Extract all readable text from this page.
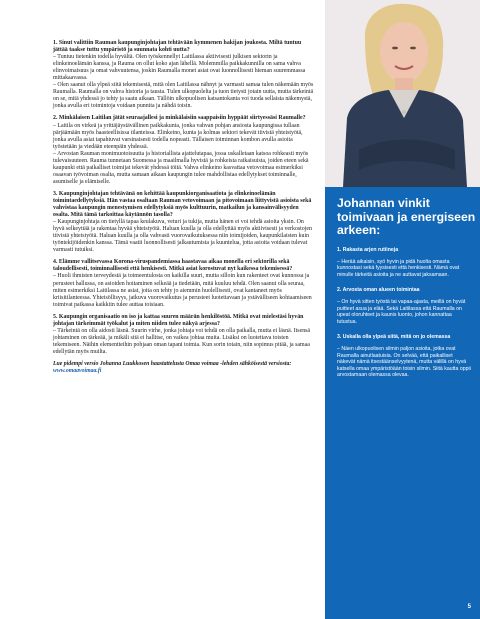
1. Sinut valittiin Rauman kaupunginjohtajan tehtävään kymmenen hakijan joukosta. Miltä tuntuu jättää taakse tuttu ympäristö ja suunnata kohti uutta?

– Tuntuu tietenkin todella hyvältä. Olen työskennellyt Laitilassa aktiivisesti julkisen sektorin ja elinkeinoelämän kanssa, ja Rauma on ollut koko ajan lähellä. Molemmilla paikkakunnilla on sama vahva elinvoimaisuus ja omat vahvuutensa, joskin Raumalla monet asiat ovat luonnollisesti hieman suuremmassa mittakaavassa.

– Olen saanut olla ylpeä siitä tekemisestä, mitä olen Laitilassa nähnyt ja varmasti samaa tulen näkemään myös Raumalla. Raumalla on vahva historia ja tausta. Tulen ulkopuolelta ja tuon tietysti jotain uutta, mutta tärkeintä on se, mitä yhdessä jo tehty ja saatu aikaan. Tällöin ulkopuolisen katsantokanta voi tuoda sellaista näkemystä, jonka avulla eri toimintoja voidaan punnita ja nähdä toisin.

2. Minkälaisen Laitilan jätät seuraajallesi ja minkälaisiin saappaisiin hyppäät siirtyessäsi Raumalle?

– Laitila on virkeä ja yrittäjäystävällinen paikkakunta, jonka vahvan pohjan ansiosta kaupungissa tullaan pärjäämään myös haasteellisissa tilanteissa. Elinkeino, kunta ja kolmas sektori tekevät tiivistä yhteistyötä, jonka avulla asiat tapahtuvat varsinaisesti todella nopeasti. Tällaisen toiminnan kombon avulla asioita työstetään ja viedään eteenpäin yhdessä.

– Arvostan Rauman monimuotoisuutta ja historiallista ajattelutapaa, jossa uskalletaan katsoa rohkeasti myös tulevaisuuteen. Rauma tunnetaan Suomessa ja maailmalla hyvistä ja rohkeista ratkaisuista, joiden eteen sekä kaupunki että paikalliset toimijat tekevät yhdessä töitä. Vahva elinkeino kasvattaa vetovoimaa esimerkiksi osaavan työvoiman osalta, mutta samaan aikaan kaupungin tulee mahdollistaa edellytykset toiminnalle, asumiselle ja elämiselle.

3. Kaupunginjohtajan tehtävänä on kehittää kaupunkiorganisaatiota ja elinkeinoelämän toimintaedellytyksiä. Hän vastaa osaltaan Rauman vetovoimaan ja pitovoimaan liittyvistä asioista sekä vahvistaa kaupungin menestymisen edellytyksiä myös kulttuurin, matkailun ja kansainvälisyyden osalta. Mitä tämä tarkoittaa käytännön tasolla?

– Kaupunginjohtaja on tietyllä tapaa keulakuva, veturi ja tukija, mutta hänen ei voi tehdä asioita yksin. On hyvä selkeyttää ja rakentaa hyvää yhteistyötä. Haluan kuulla ja olla edellyttää myös aktiivisesti ja verkostojen tiivistä yhteistyötä. Haluan kuulla ja olla vahvasti vuorovaikutuksessa niin toimijoiden, kaupunkilaisten kuin työntekijöidenkin kanssa. Tämä vaatii luonnollisesti jalkautumista ja kuuntelua, jotta asioita voidaan tulevat varmasti tutuiksi.

4. Elämme vallitsevassa Korona-viruspandemiassa haastavaa aikaa monella eri sektorilla sekä taloudellisesti, toiminnallisesti että henkisesti. Mitkä asiat korostuvat nyt kaikessa tekemisessä?

– Huoli ihmisten terveydestä ja toimeentulosta on kaikilla suuri, mutta silloin kun rakenteet ovat kunnossa ja perusteet hallussa, on asioiden hoitaminen selkeää ja tiedetään, mitä kuuluu tehdä. Olen saanut olla seuraa, miten esimerkiksi Laitilassa ne asiat, joita on tehty jo aiemmin huolellisesti, ovat kantaneet myös kriisitilanteessa. Yhteisöllisyys, jatkuva vuorovaikutus ja perusteet luotettavaan ja ystävälliseen kohtaamiseen toimivat paikassa kaikkiin tulee auttaa toisiaan.

5. Kaupungin organisaatio on iso ja kattaa suuren määrän henkilöstöä. Mitkä ovat mielestäsi hyvän johtajan tärkeimmät työkalut ja miten niiden tulee näkyä arjessa?

– Tärkeintä on olla aidosti läsnä. Suurin virhe, jonka johtaja voi tehdä on olla paikalla, mutta ei läsnä. Itsensä johtaminen on tärkeää, ja mikäli sitä ei hallitse, on vaikea johtaa muita. Lisäksi on luotettava toisten tekemiseen. Näihin elementteihin pohjaan oman tapani toimia. Kun sorin totain, niin sopimus pitää, ja samaa edellytän myös muilta.

Lue pidempi versio Johanna Luukkosen haastattelusta Omaa voimaa -lehden sähköisestä versiosta: www.omaavoimaa.fi

Johannan vinkit toimivaan ja energiseen arkeen:

1. Rakasta arjen rutiineja

– Herää aikaisin, syö hyvin ja pidä huolta omasta kunnostasi sekä fyysisesti että henkisesti. Nämä ovat minulle tärkeitä asioita ja ne auttavat jaksamaan.

2. Arvosta oman alueen toimintaa

– On hyvä sitten työstä tai vapaa-ajasta, meillä on hyvät puitteet asua ja elää. Sekä Laitilassa että Raumalla on upeat oloruhteet ja kaunis luonto, johon kannattaa tutustua.

3. Uskalla olla ylpeä siitä, mitä on jo olemassa

– Näen ulkopuolisen silmin paljon asioita, jotka ovat Raumalla ainutlaatuisia. On selvää, että paikalliset näkevät nämä itsestäänselvyytenä, mutta välillä on hyvä katsella omaa ympäristöään toisin silmin. Siitä kautta oppii arvostamaan olemassa olevaa.

5
